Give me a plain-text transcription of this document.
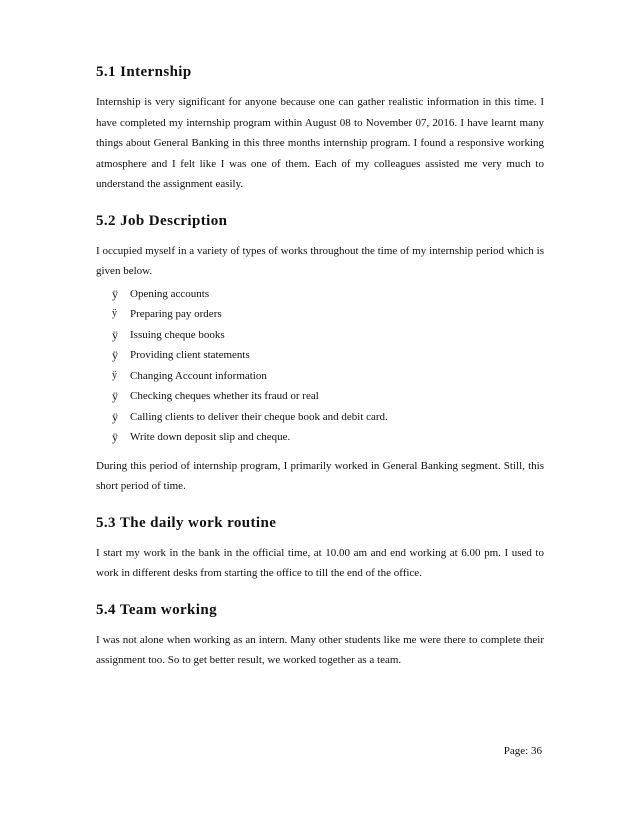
5.1 Internship

Internship is very significant for anyone because one can gather realistic information in this time. I have completed my internship program within August 08 to November 07, 2016. I have learnt many things about General Banking in this three months internship program. I found a responsive working atmosphere and I felt like I was one of them. Each of my colleagues assisted me very much to understand the assignment easily.

5.2 Job Description

I occupied myself in a variety of types of works throughout the time of my internship period which is given below.

ÿ Opening accounts
ÿ Preparing pay orders
ÿ Issuing cheque books
ÿ Providing client statements
ÿ Changing Account information
ÿ Checking cheques whether its fraud or real
ÿ Calling clients to deliver their cheque book and debit card.
ÿ Write down deposit slip and cheque.

During this period of internship program, I primarily worked in General Banking segment. Still, this short period of time.

5.3 The daily work routine

I start my work in the bank in the official time, at 10.00 am and end working at 6.00 pm. I used to work in different desks from starting the office to till the end of the office.

5.4 Team working

I was not alone when working as an intern. Many other students like me were there to complete their assignment too. So to get better result, we worked together as a team.

Page: 36
